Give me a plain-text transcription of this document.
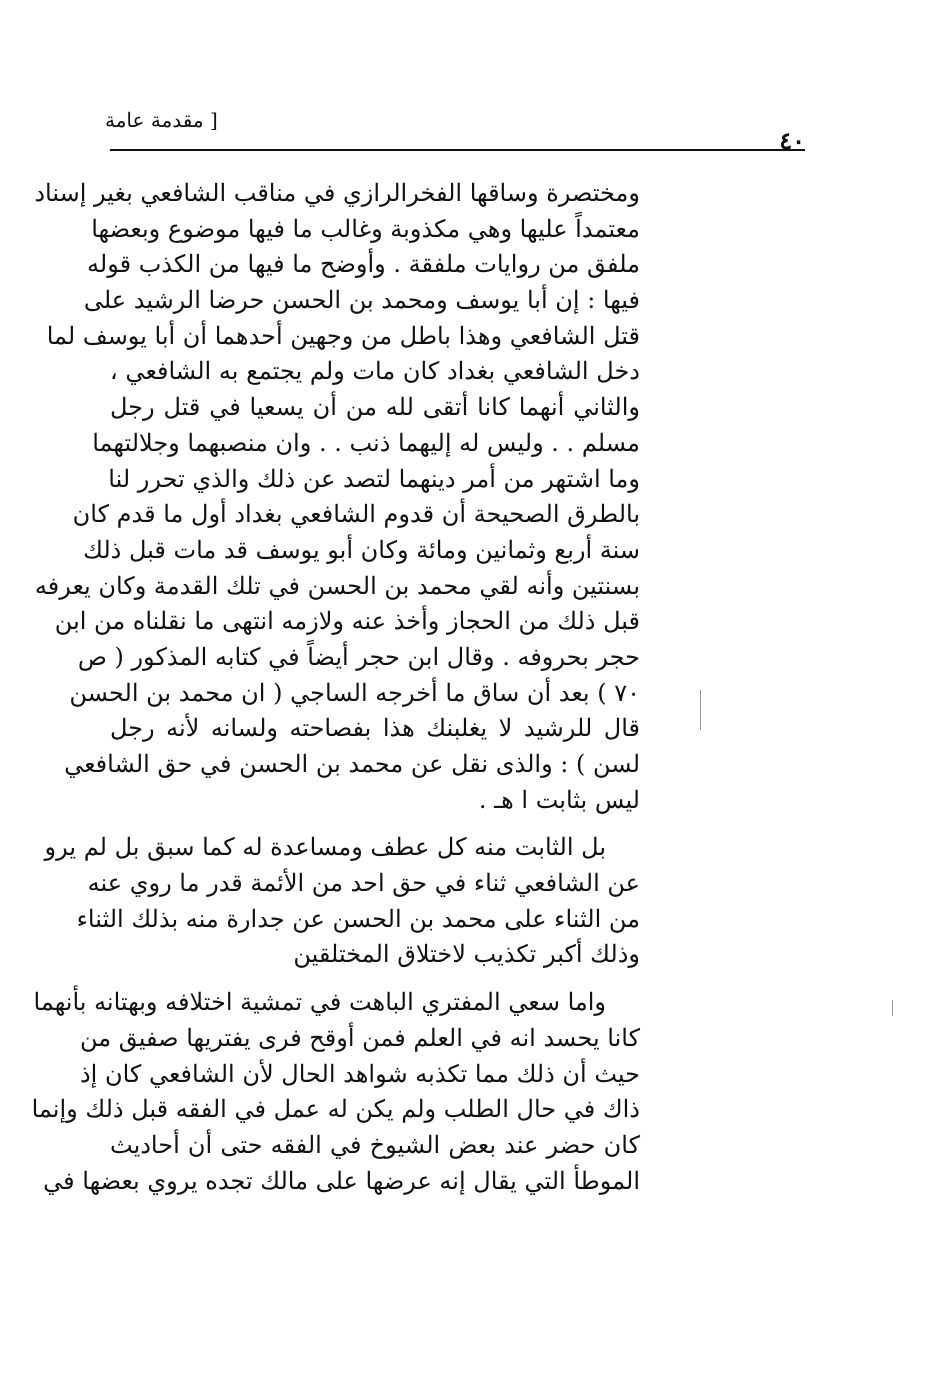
٤٠
[ مقدمة عامة
ومختصرة وساقها الفخرالرازي في مناقب الشافعي بغير إسناد
معتمداً عليها وهي مكذوبة وغالب ما فيها موضوع وبعضها
ملفق من روايات ملفقة . وأوضح ما فيها من الكذب قوله
فيها : إن أبا يوسف ومحمد بن الحسن حرضا الرشيد على
قتل الشافعي وهذا باطل من وجهين أحدهما أن أبا يوسف لما
دخل الشافعي بغداد كان مات ولم يجتمع به الشافعي ،
والثاني أنهما كانا أتقى لله من أن يسعيا في قتل رجل
مسلم . . وليس له إليهما ذنب . . وان منصبهما وجلالتهما
وما اشتهر من أمر دينهما لتصد عن ذلك والذي تحرر لنا
بالطرق الصحيحة أن قدوم الشافعي بغداد أول ما قدم كان
سنة أربع وثمانين ومائة وكان أبو يوسف قد مات قبل ذلك
بسنتين وأنه لقي محمد بن الحسن في تلك القدمة وكان يعرفه
قبل ذلك من الحجاز وأخذ عنه ولازمه انتهى ما نقلناه من ابن
حجر بحروفه . وقال ابن حجر أيضاً في كتابه المذكور ( ص
٧٠ ) بعد أن ساق ما أخرجه الساجي ( ان محمد بن الحسن
قال للرشيد لا يغلبنك هذا بفصاحته ولسانه لأنه رجل
لسن ) : والذى نقل عن محمد بن الحسن في حق الشافعي
ليس بثابت ا هـ .
بل الثابت منه كل عطف ومساعدة له كما سبق بل لم يرو
عن الشافعي ثناء في حق احد من الأئمة قدر ما روي عنه
من الثناء على محمد بن الحسن عن جدارة منه بذلك الثناء
وذلك أكبر تكذيب لاختلاق المختلقين
واما سعي المفتري الباهت في تمشية اختلافه وبهتانه بأنهما
كانا يحسد انه في العلم فمن أوقح فرى يفتريها صفيق من
حيث أن ذلك مما تكذبه شواهد الحال لأن الشافعي كان إذ
ذاك في حال الطلب ولم يكن له عمل في الفقه قبل ذلك وإنما
كان حضر عند بعض الشيوخ في الفقه حتى أن أحاديث
الموطأ التي يقال إنه عرضها على مالك تجده يروي بعضها في
